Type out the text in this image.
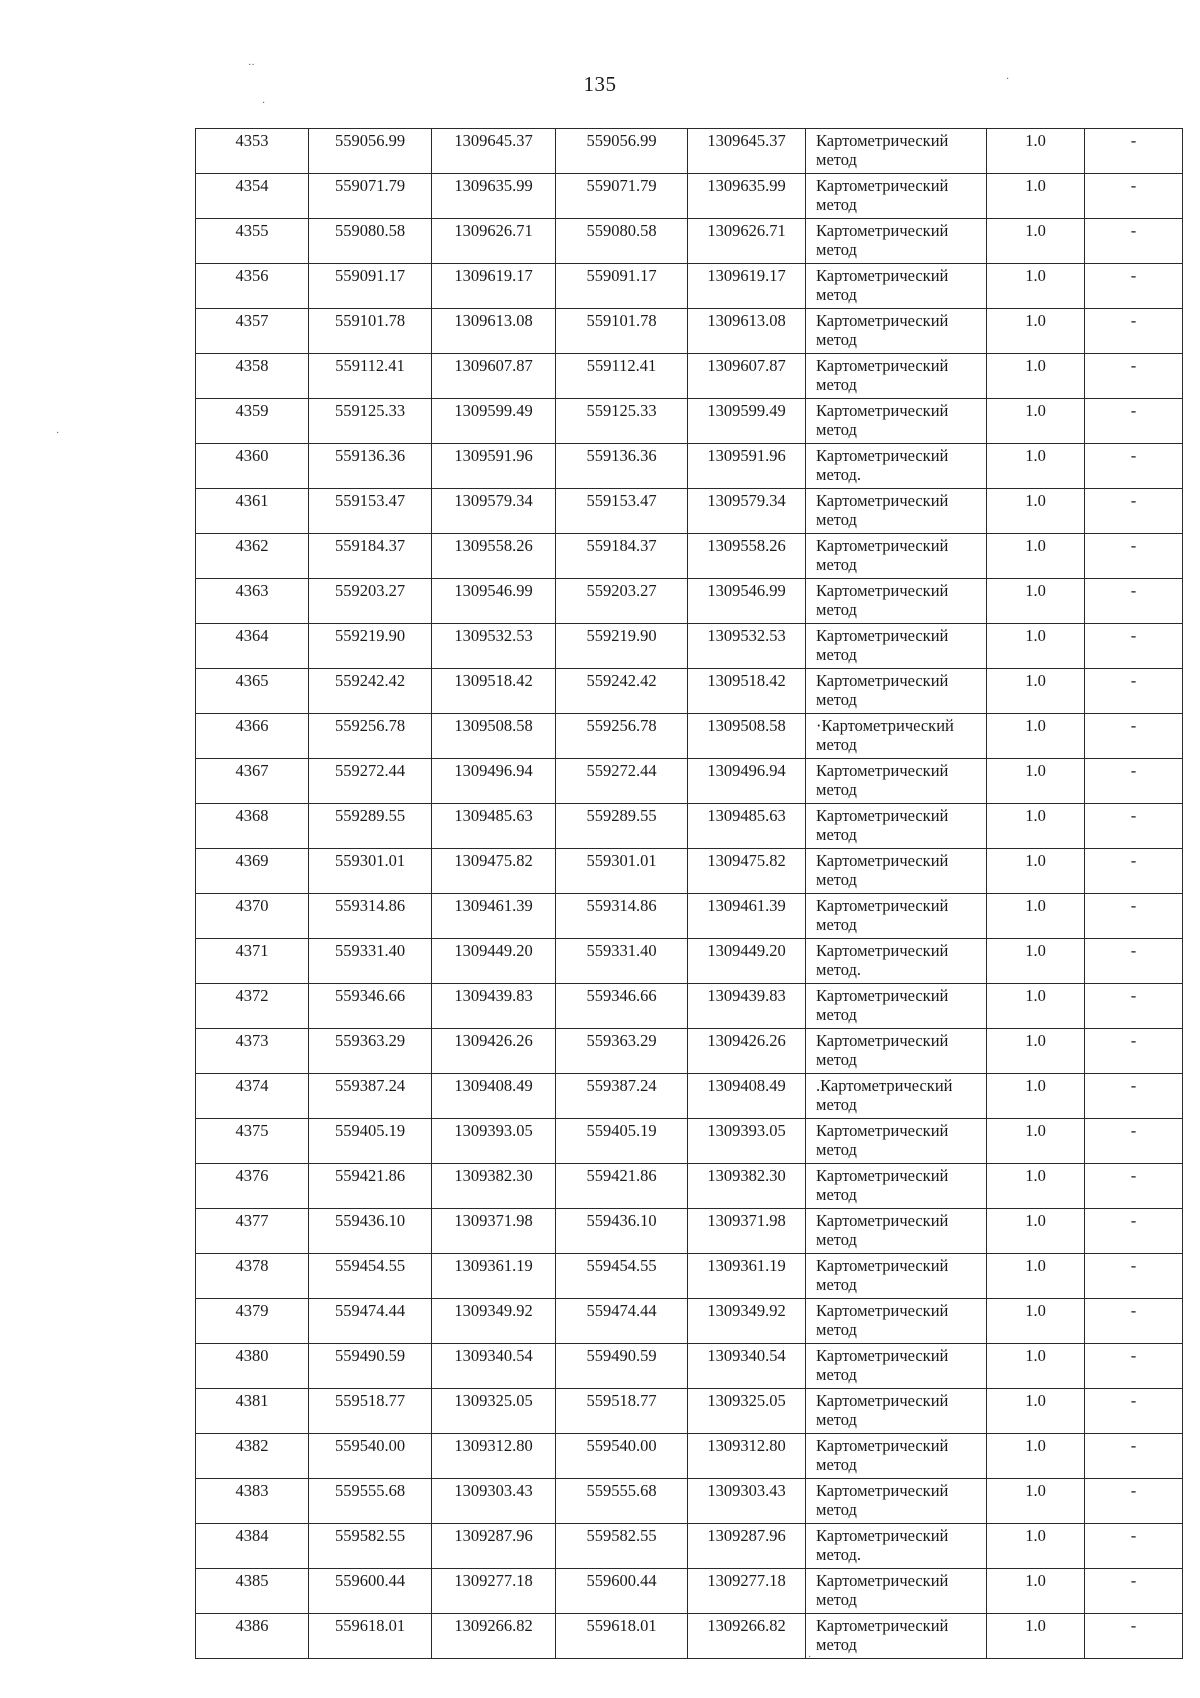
135
··
·
·
·
·
4353	559056.99	1309645.37	559056.99	1309645.37	Картометрический
метод	1.0	-
4354	559071.79	1309635.99	559071.79	1309635.99	Картометрический
метод	1.0	-
4355	559080.58	1309626.71	559080.58	1309626.71	Картометрический
метод	1.0	-
4356	559091.17	1309619.17	559091.17	1309619.17	Картометрический
метод	1.0	-
4357	559101.78	1309613.08	559101.78	1309613.08	Картометрический
метод	1.0	-
4358	559112.41	1309607.87	559112.41	1309607.87	Картометрический
метод	1.0	-
4359	559125.33	1309599.49	559125.33	1309599.49	Картометрический
метод	1.0	-
4360	559136.36	1309591.96	559136.36	1309591.96	Картометрический
метод.	1.0	-
4361	559153.47	1309579.34	559153.47	1309579.34	Картометрический
метод	1.0	-
4362	559184.37	1309558.26	559184.37	1309558.26	Картометрический
метод	1.0	-
4363	559203.27	1309546.99	559203.27	1309546.99	Картометрический
метод	1.0	-
4364	559219.90	1309532.53	559219.90	1309532.53	Картометрический
метод	1.0	-
4365	559242.42	1309518.42	559242.42	1309518.42	Картометрический
метод	1.0	-
4366	559256.78	1309508.58	559256.78	1309508.58	·Картометрический
метод	1.0	-
4367	559272.44	1309496.94	559272.44	1309496.94	Картометрический
метод	1.0	-
4368	559289.55	1309485.63	559289.55	1309485.63	Картометрический
метод	1.0	-
4369	559301.01	1309475.82	559301.01	1309475.82	Картометрический
метод	1.0	-
4370	559314.86	1309461.39	559314.86	1309461.39	Картометрический
метод	1.0	-
4371	559331.40	1309449.20	559331.40	1309449.20	Картометрический
метод.	1.0	-
4372	559346.66	1309439.83	559346.66	1309439.83	Картометрический
метод	1.0	-
4373	559363.29	1309426.26	559363.29	1309426.26	Картометрический
метод	1.0	-
4374	559387.24	1309408.49	559387.24	1309408.49	.Картометрический
метод	1.0	-
4375	559405.19	1309393.05	559405.19	1309393.05	Картометрический
метод	1.0	-
4376	559421.86	1309382.30	559421.86	1309382.30	Картометрический
метод	1.0	-
4377	559436.10	1309371.98	559436.10	1309371.98	Картометрический
метод	1.0	-
4378	559454.55	1309361.19	559454.55	1309361.19	Картометрический
метод	1.0	-
4379	559474.44	1309349.92	559474.44	1309349.92	Картометрический
метод	1.0	-
4380	559490.59	1309340.54	559490.59	1309340.54	Картометрический
метод	1.0	-
4381	559518.77	1309325.05	559518.77	1309325.05	Картометрический
метод	1.0	-
4382	559540.00	1309312.80	559540.00	1309312.80	Картометрический
метод	1.0	-
4383	559555.68	1309303.43	559555.68	1309303.43	Картометрический
метод	1.0	-
4384	559582.55	1309287.96	559582.55	1309287.96	Картометрический
метод.	1.0	-
4385	559600.44	1309277.18	559600.44	1309277.18	Картометрический
метод	1.0	-
4386	559618.01	1309266.82	559618.01	1309266.82	Картометрический
метод	1.0	-
